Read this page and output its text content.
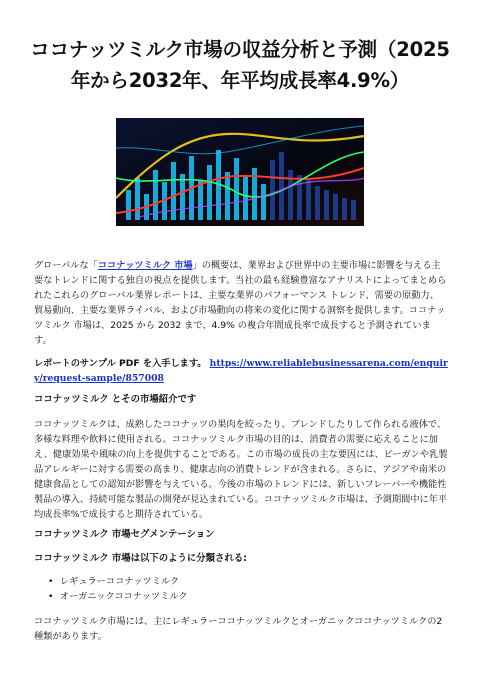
ココナッツミルク市場の収益分析と予測（2025
年から2032年、年平均成長率4.9%）

グローバルな「ココナッツミルク 市場」の概要は、業界および世界中の主要市場に影響を与える主要なトレンドに関する独自の視点を提供します。当社の最も経験豊富なアナリストによってまとめられたこれらのグローバル業界レポートは、主要な業界のパフォーマンス トレンド、需要の原動力、貿易動向、主要な業界ライバル、および市場動向の将来の変化に関する洞察を提供します。ココナッツミルク 市場は、2025 から 2032 まで、4.9% の複合年間成長率で成長すると予測されています。

レポートのサンプル PDF を入手します。 https://www.reliablebusinessarena.com/enquiry/request-sample/857008
ココナッツミルク とその市場紹介です

ココナッツミルクは、成熟したココナッツの果肉を絞ったり、ブレンドしたりして作られる液体で、多様な料理や飲料に使用される。ココナッツミルク市場の目的は、消費者の需要に応えることに加え、健康効果や風味の向上を提供することである。この市場の成長の主な要因には、ビーガンや乳製品アレルギーに対する需要の高まり、健康志向の消費トレンドが含まれる。さらに、アジアや南米の健康食品としての認知が影響を与えている。今後の市場のトレンドには、新しいフレーバーや機能性製品の導入、持続可能な製品の開発が見込まれている。ココナッツミルク市場は、予測期間中に年平均成長率%で成長すると期待されている。

ココナッツミルク 市場セグメンテーション
ココナッツミルク 市場は以下のように分類される:
• レギュラーココナッツミルク
• オーガニックココナッツミルク

ココナッツミルク市場には、主にレギュラーココナッツミルクとオーガニックココナッツミルクの2種類があります。
